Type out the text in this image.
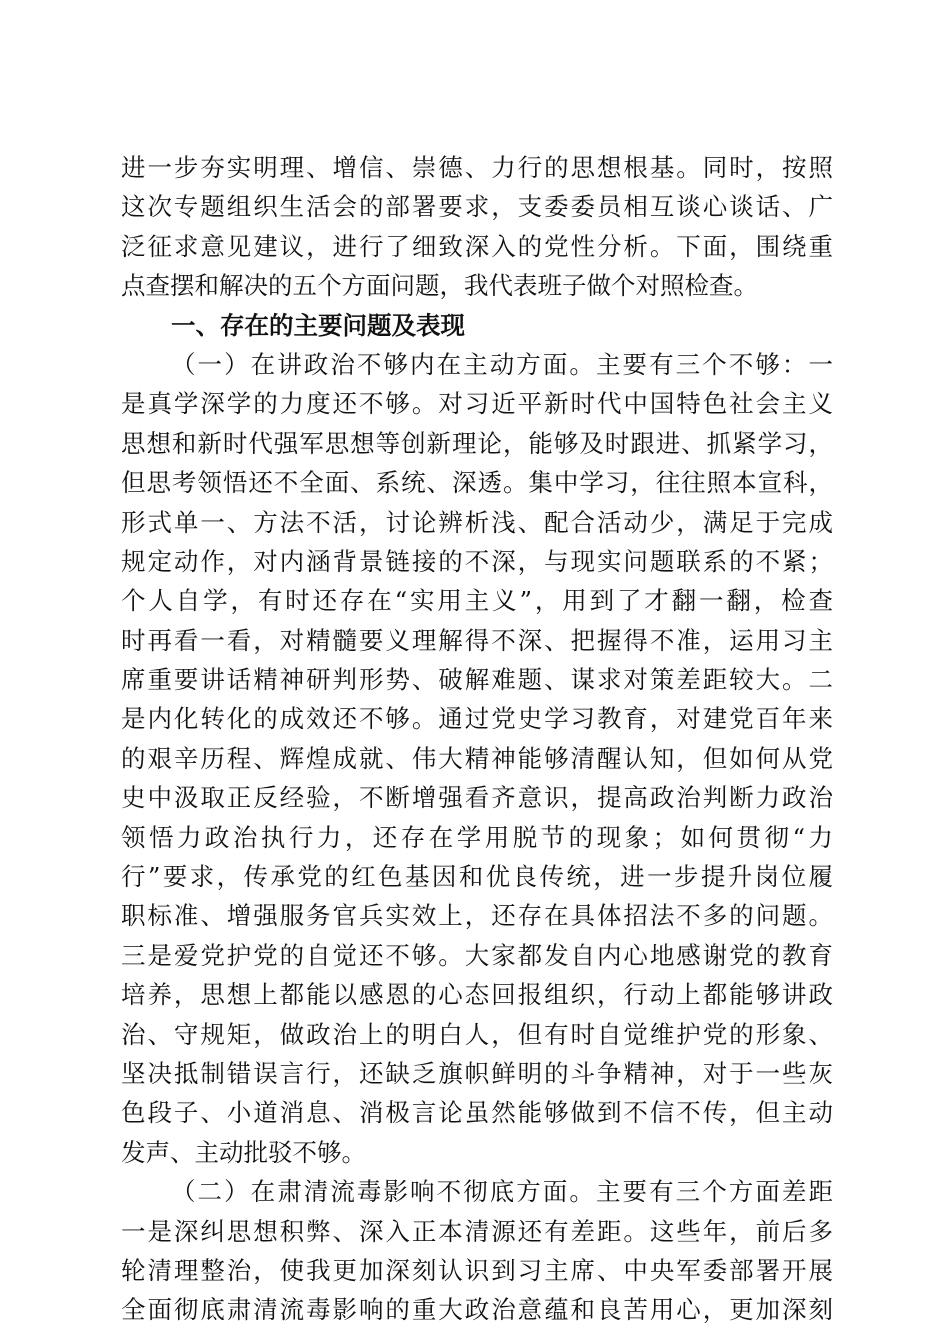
进一步夯实明理、增信、崇德、力行的思想根基。同时，按照
这次专题组织生活会的部署要求，支委委员相互谈心谈话、广
泛征求意见建议，进行了细致深入的党性分析。下面，围绕重
点查摆和解决的五个方面问题，我代表班子做个对照检查。
一、存在的主要问题及表现
（一）在讲政治不够内在主动方面。主要有三个不够：一
是真学深学的力度还不够。对习近平新时代中国特色社会主义
思想和新时代强军思想等创新理论，能够及时跟进、抓紧学习，
但思考领悟还不全面、系统、深透。集中学习，往往照本宣科，
形式单一、方法不活，讨论辨析浅、配合活动少，满足于完成
规定动作，对内涵背景链接的不深，与现实问题联系的不紧；
个人自学，有时还存在“实用主义”，用到了才翻一翻，检查
时再看一看，对精髓要义理解得不深、把握得不准，运用习主
席重要讲话精神研判形势、破解难题、谋求对策差距较大。二
是内化转化的成效还不够。通过党史学习教育，对建党百年来
的艰辛历程、辉煌成就、伟大精神能够清醒认知，但如何从党
史中汲取正反经验，不断增强看齐意识，提高政治判断力政治
领悟力政治执行力，还存在学用脱节的现象；如何贯彻“力
行”要求，传承党的红色基因和优良传统，进一步提升岗位履
职标准、增强服务官兵实效上，还存在具体招法不多的问题。
三是爱党护党的自觉还不够。大家都发自内心地感谢党的教育
培养，思想上都能以感恩的心态回报组织，行动上都能够讲政
治、守规矩，做政治上的明白人，但有时自觉维护党的形象、
坚决抵制错误言行，还缺乏旗帜鲜明的斗争精神，对于一些灰
色段子、小道消息、消极言论虽然能够做到不信不传，但主动
发声、主动批驳不够。
（二）在肃清流毒影响不彻底方面。主要有三个方面差距
一是深纠思想积弊、深入正本清源还有差距。这些年，前后多
轮清理整治，使我更加深刻认识到习主席、中央军委部署开展
全面彻底肃清流毒影响的重大政治意蕴和良苦用心，更加深刻
